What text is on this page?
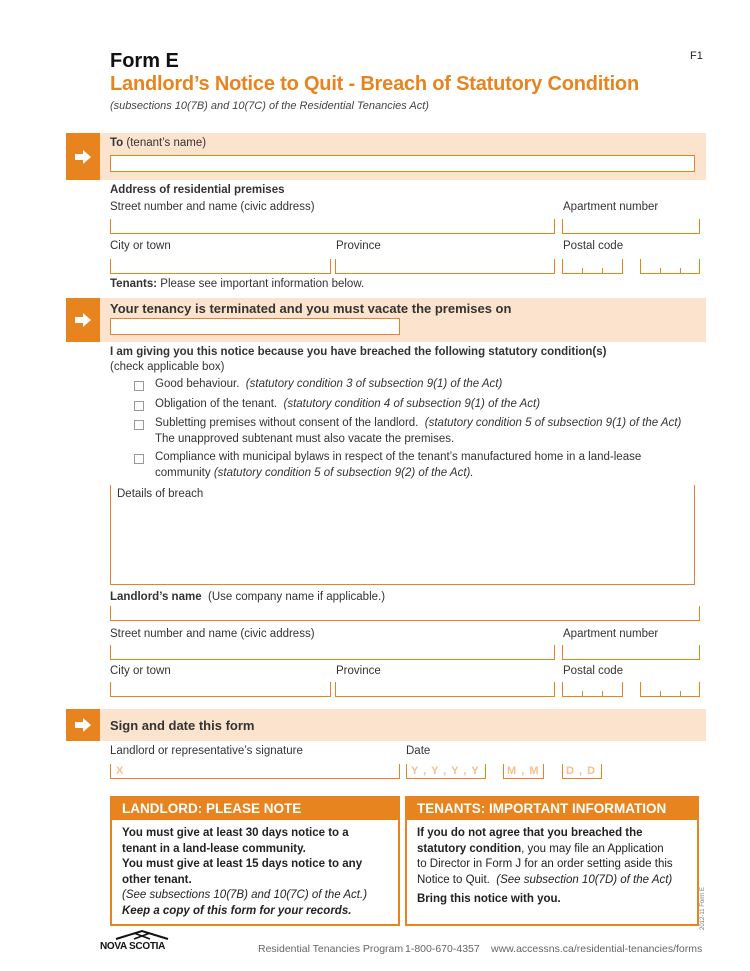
Form E	F1
Landlord’s Notice to Quit - Breach of Statutory Condition
(subsections 10(7B) and 10(7C) of the Residential Tenancies Act)
To (tenant’s name)
Address of residential premises
Street number and name (civic address)	Apartment number
City or town	Province	Postal code
Tenants: Please see important information below.
Your tenancy is terminated and you must vacate the premises on
I am giving you this notice because you have breached the following statutory condition(s)
(check applicable box)
Good behaviour. (statutory condition 3 of subsection 9(1) of the Act)
Obligation of the tenant. (statutory condition 4 of subsection 9(1) of the Act)
Subletting premises without consent of the landlord. (statutory condition 5 of subsection 9(1) of the Act)
The unapproved subtenant must also vacate the premises.
Compliance with municipal bylaws in respect of the tenant’s manufactured home in a land-lease
community (statutory condition 5 of subsection 9(2) of the Act).
Details of breach
Landlord’s name (Use company name if applicable.)
Street number and name (civic address)	Apartment number
City or town	Province	Postal code
Sign and date this form
Landlord or representative’s signature	Date
X	Y , Y , Y , Y M , M D , D
LANDLORD: PLEASE NOTE
You must give at least 30 days notice to a
tenant in a land-lease community.
You must give at least 15 days notice to any
other tenant.
(See subsections 10(7B) and 10(7C) of the Act.)
Keep a copy of this form for your records.
TENANTS: IMPORTANT INFORMATION
If you do not agree that you breached the
statutory condition, you may file an Application
to Director in Form J for an order setting aside this
Notice to Quit. (See subsection 10(7D) of the Act)
Bring this notice with you.
NOVA SCOTIA	Residential Tenancies Program 1-800-670-4357 www.accessns.ca/residential-tenancies/forms
2012-11 Form E
